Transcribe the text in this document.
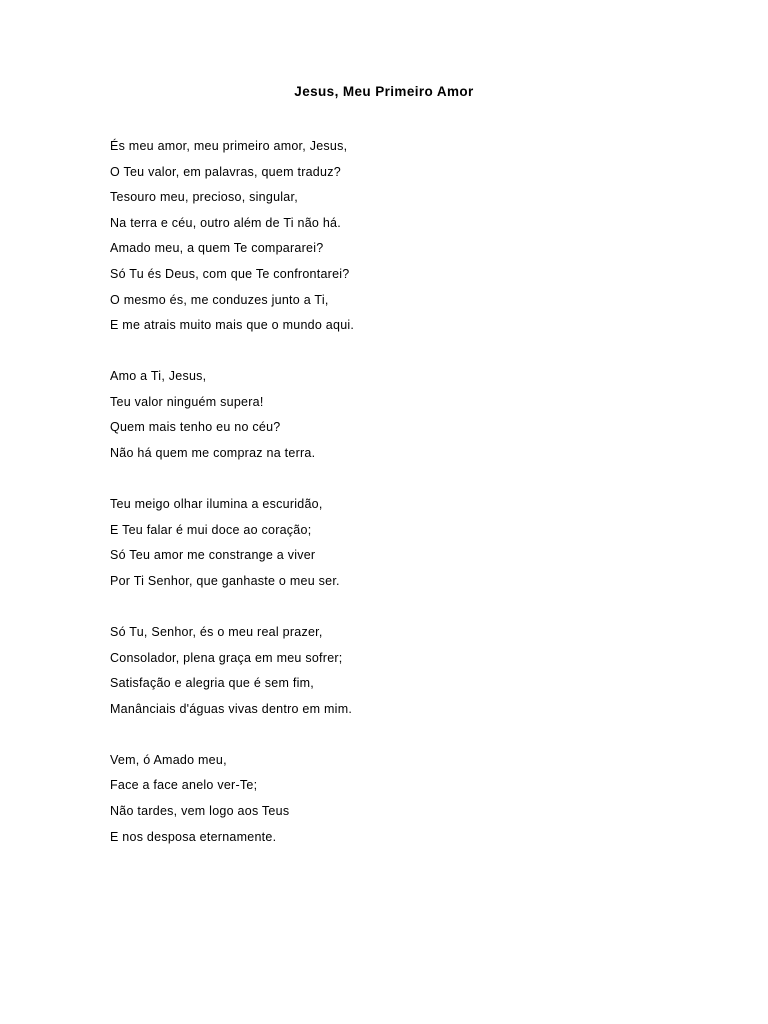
Jesus, Meu Primeiro Amor
És meu amor, meu primeiro amor, Jesus,
O Teu valor, em palavras, quem traduz?
Tesouro meu, precioso, singular,
Na terra e céu, outro além de Ti não há.
Amado meu, a quem Te compararei?
Só Tu és Deus, com que Te confrontarei?
O mesmo és, me conduzes junto a Ti,
E me atrais muito mais que o mundo aqui.
Amo a Ti, Jesus,
Teu valor ninguém supera!
Quem mais tenho eu no céu?
Não há quem me compraz na terra.
Teu meigo olhar ilumina a escuridão,
E Teu falar é mui doce ao coração;
Só Teu amor me constrange a viver
Por Ti Senhor, que ganhaste o meu ser.
Só Tu, Senhor, és o meu real prazer,
Consolador, plena graça em meu sofrer;
Satisfação e alegria que é sem fim,
Manânciais d'águas vivas dentro em mim.
Vem, ó Amado meu,
Face a face anelo ver-Te;
Não tardes, vem logo aos Teus
E nos desposa eternamente.
